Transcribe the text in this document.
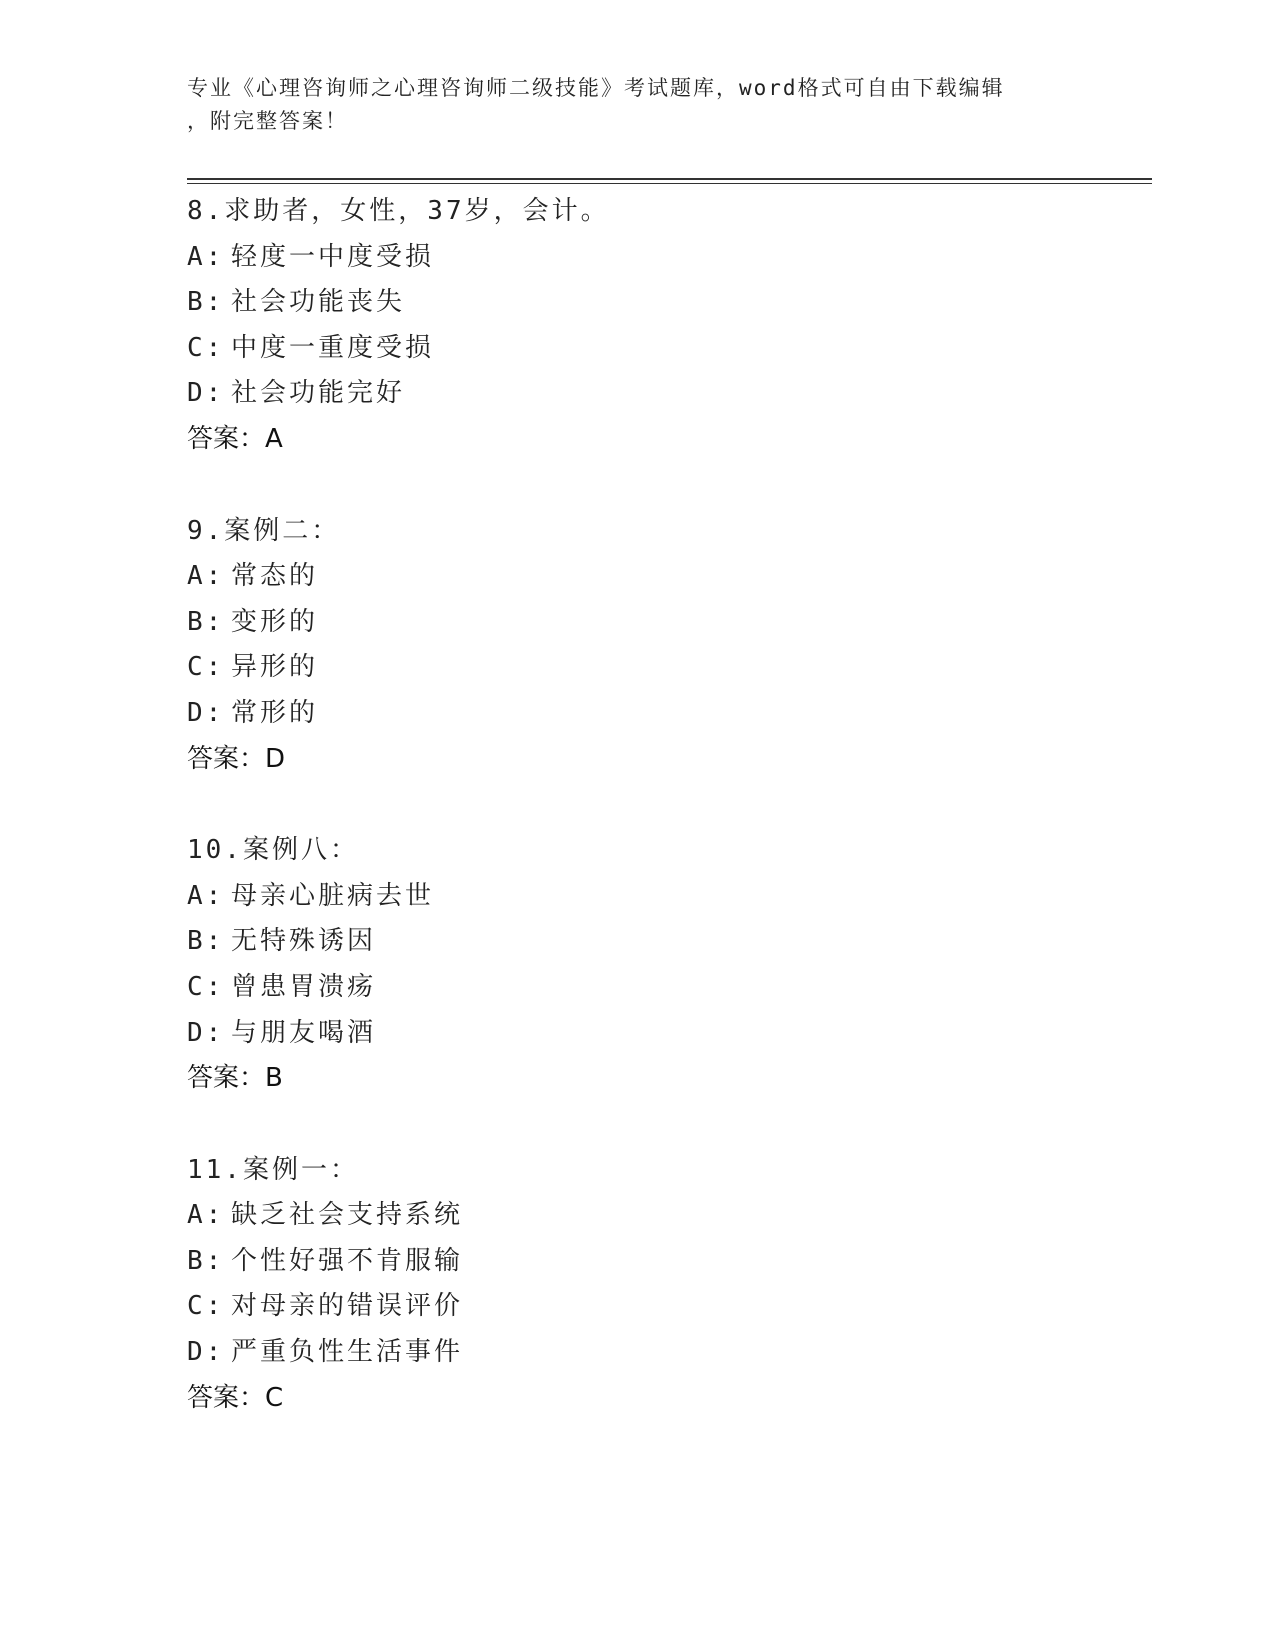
专业《心理咨询师之心理咨询师二级技能》考试题库，word格式可自由下载编辑
，附完整答案！
8.求助者，女性，37岁，会计。
A: 轻度一中度受损
B: 社会功能丧失
C: 中度一重度受损
D: 社会功能完好
答案：A
9.案例二：
A: 常态的
B: 变形的
C: 异形的
D: 常形的
答案：D
10.案例八：
A: 母亲心脏病去世
B: 无特殊诱因
C: 曾患胃溃疡
D: 与朋友喝酒
答案：B
11.案例一：
A: 缺乏社会支持系统
B: 个性好强不肯服输
C: 对母亲的错误评价
D: 严重负性生活事件
答案：C
